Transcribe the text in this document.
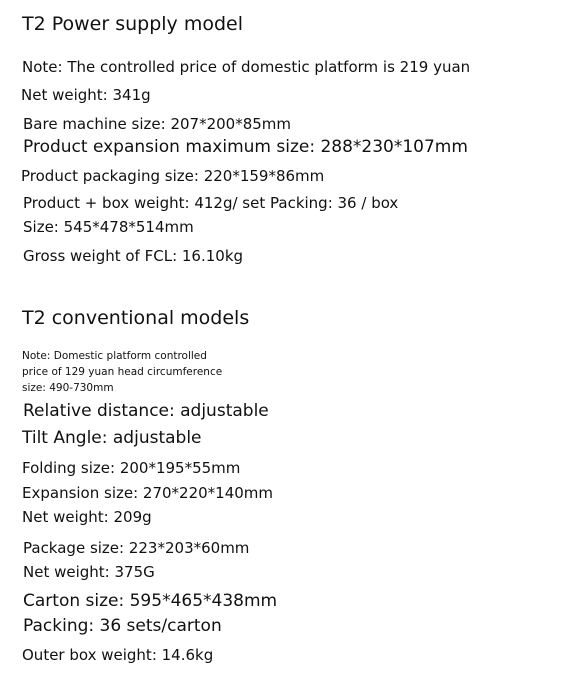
T2 Power supply model

Note: The controlled price of domestic platform is 219 yuan

Net weight: 341g

Bare machine size: 207*200*85mm

Product expansion maximum size: 288*230*107mm

Product packaging size: 220*159*86mm

Product + box weight: 412g/ set Packing: 36 / box

Size: 545*478*514mm

Gross weight of FCL: 16.10kg

T2 conventional models

Note: Domestic platform controlled

price of 129 yuan head circumference

size: 490-730mm

Relative distance: adjustable

Tilt Angle: adjustable

Folding size: 200*195*55mm

Expansion size: 270*220*140mm

Net weight: 209g

Package size: 223*203*60mm

Net weight: 375G

Carton size: 595*465*438mm

Packing: 36 sets/carton

Outer box weight: 14.6kg
